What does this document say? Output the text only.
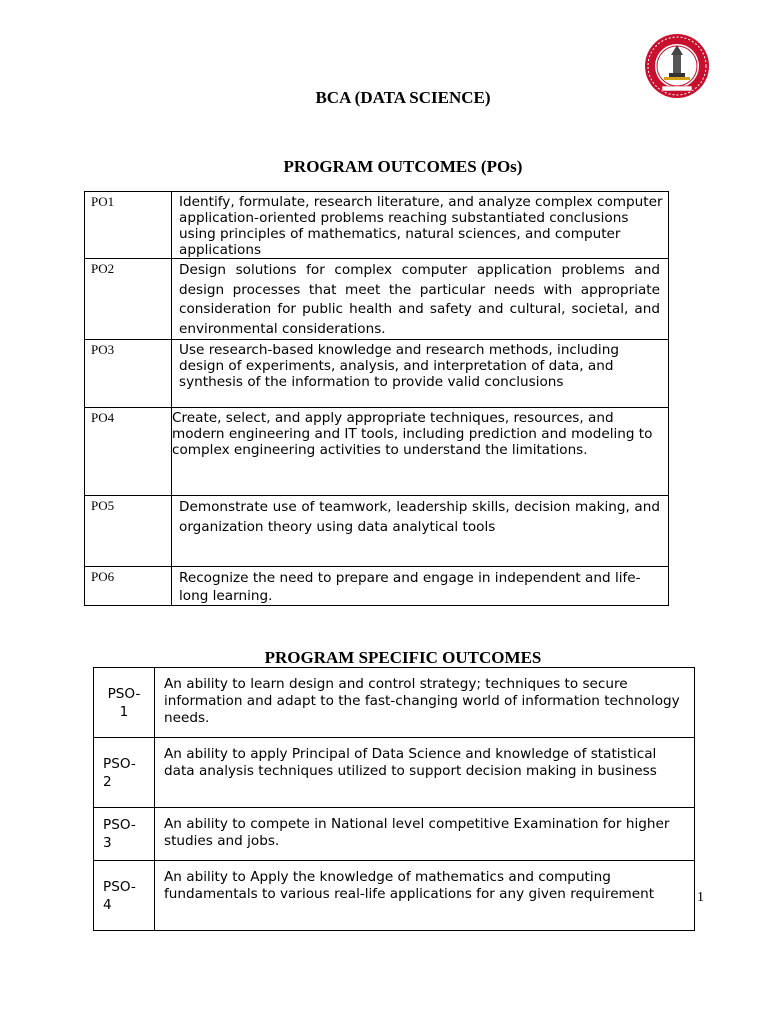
BCA (DATA SCIENCE)
PROGRAM OUTCOMES (POs)
PO1	Identify, formulate, research literature, and analyze complex computer application-oriented problems reaching substantiated conclusions using principles of mathematics, natural sciences, and computer applications

PO2	Design solutions for complex computer application problems and design processes that meet the particular needs with appropriate consideration for public health and safety and cultural, societal, and environmental considerations.

PO3	Use research-based knowledge and research methods, including design of experiments, analysis, and interpretation of data, and synthesis of the information to provide valid conclusions

PO4	Create, select, and apply appropriate techniques, resources, and modern engineering and IT tools, including prediction and modeling to complex engineering activities to understand the limitations.

PO5	Demonstrate use of teamwork, leadership skills, decision making, and organization theory using data analytical tools

PO6	Recognize the need to prepare and engage in independent and life-long learning.
PROGRAM SPECIFIC OUTCOMES
PSO-1	An ability to learn design and control strategy; techniques to secure information and adapt to the fast-changing world of information technology needs.

PSO-2	An ability to apply Principal of Data Science and knowledge of statistical data analysis techniques utilized to support decision making in business

PSO-3	An ability to compete in National level competitive Examination for higher studies and jobs.

PSO-4	An ability to Apply the knowledge of mathematics and computing fundamentals to various real-life applications for any given requirement	1
